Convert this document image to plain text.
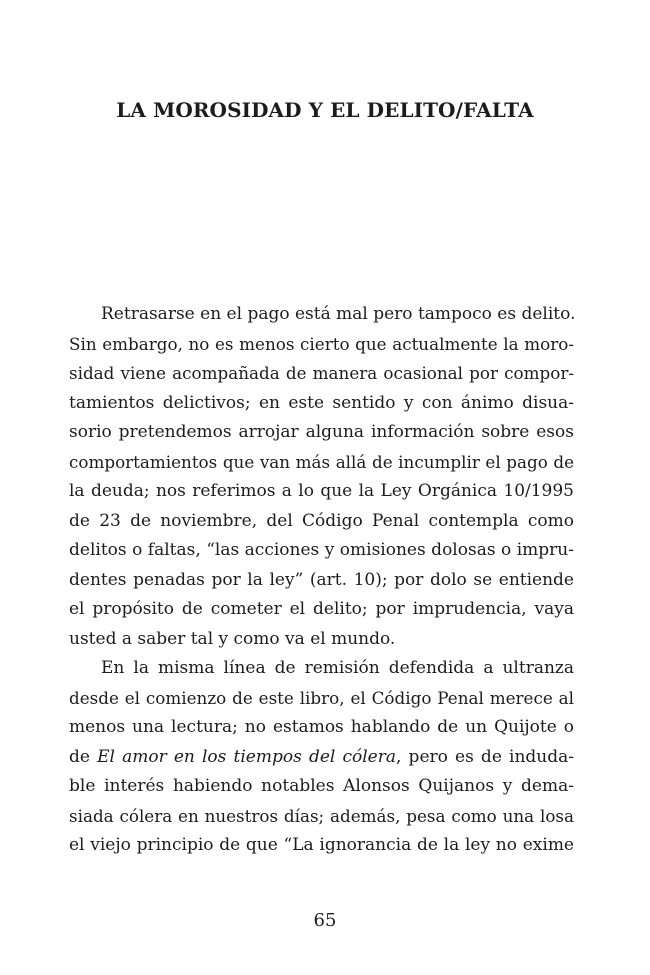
LA MOROSIDAD Y EL DELITO/FALTA
Retrasarse en el pago está mal pero tampoco es delito.
Sin embargo, no es menos cierto que actualmente la moro-
sidad viene acompañada de manera ocasional por compor-
tamientos delictivos; en este sentido y con ánimo disua-
sorio pretendemos arrojar alguna información sobre esos
comportamientos que van más allá de incumplir el pago de
la deuda; nos referimos a lo que la Ley Orgánica 10/1995
de 23 de noviembre, del Código Penal contempla como
delitos o faltas, “las acciones y omisiones dolosas o impru-
dentes penadas por la ley” (art. 10); por dolo se entiende
el propósito de cometer el delito; por imprudencia, vaya
usted a saber tal y como va el mundo.
En la misma línea de remisión defendida a ultranza
desde el comienzo de este libro, el Código Penal merece al
menos una lectura; no estamos hablando de un Quijote o
de El amor en los tiempos del cólera, pero es de induda-
ble interés habiendo notables Alonsos Quijanos y dema-
siada cólera en nuestros días; además, pesa como una losa
el viejo principio de que “La ignorancia de la ley no exime
65
